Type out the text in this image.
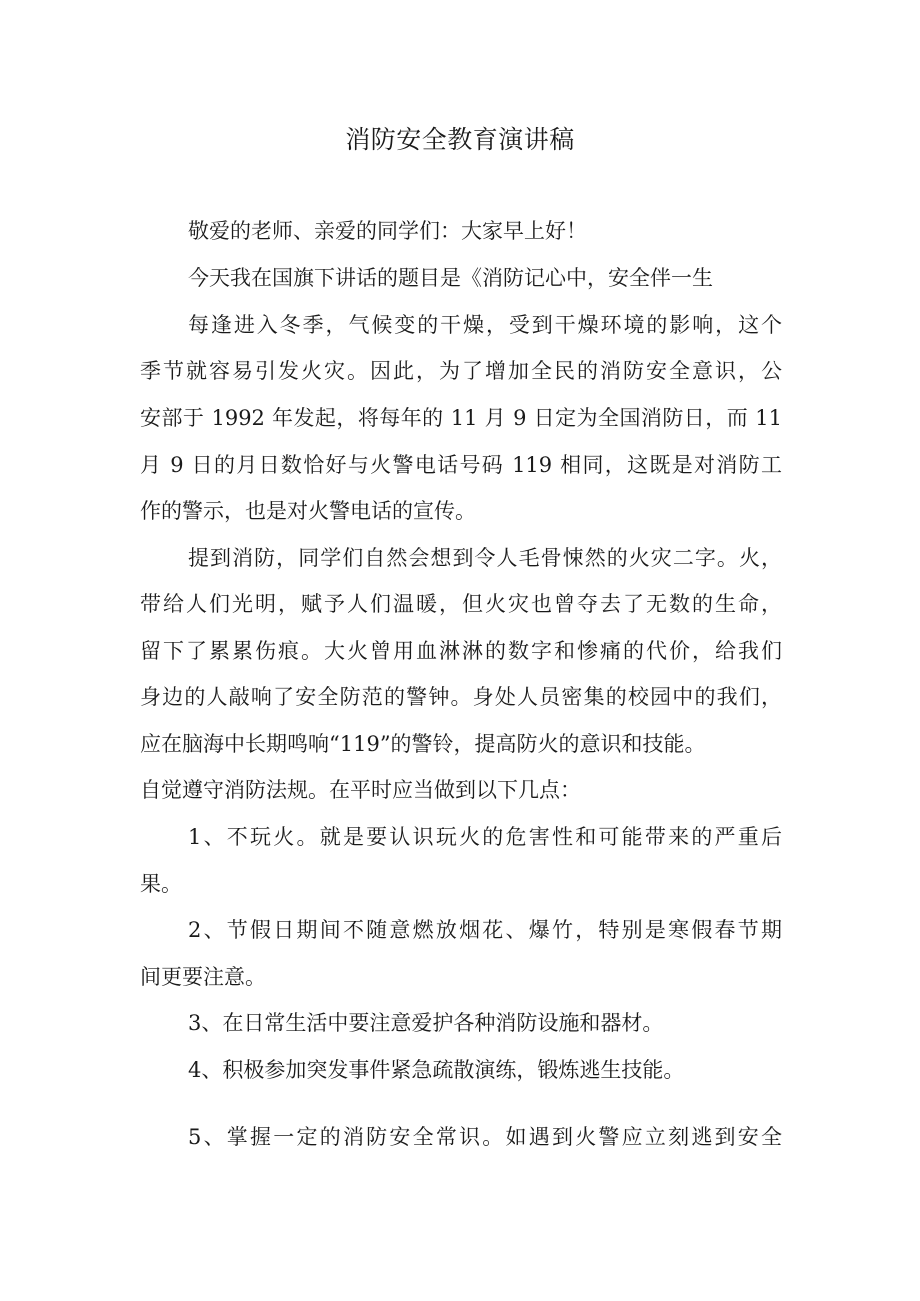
消防安全教育演讲稿

敬爱的老师、亲爱的同学们：大家早上好！

今天我在国旗下讲话的题目是《消防记心中，安全伴一生

每逢进入冬季，气候变的干燥，受到干燥环境的影响，这个

季节就容易引发火灾。因此，为了增加全民的消防安全意识，公

安部于 1992 年发起，将每年的 11 月 9 日定为全国消防日，而 11

月 9 日的月日数恰好与火警电话号码 119 相同，这既是对消防工

作的警示，也是对火警电话的宣传。

提到消防，同学们自然会想到令人毛骨悚然的火灾二字。火，

带给人们光明，赋予人们温暖，但火灾也曾夺去了无数的生命，

留下了累累伤痕。大火曾用血淋淋的数字和惨痛的代价，给我们

身边的人敲响了安全防范的警钟。身处人员密集的校园中的我们，

应在脑海中长期鸣响“119”的警铃，提高防火的意识和技能。

自觉遵守消防法规。在平时应当做到以下几点：

1、不玩火。就是要认识玩火的危害性和可能带来的严重后

果。

2、节假日期间不随意燃放烟花、爆竹，特别是寒假春节期

间更要注意。

3、在日常生活中要注意爱护各种消防设施和器材。

4、积极参加突发事件紧急疏散演练，锻炼逃生技能。

5、掌握一定的消防安全常识。如遇到火警应立刻逃到安全
